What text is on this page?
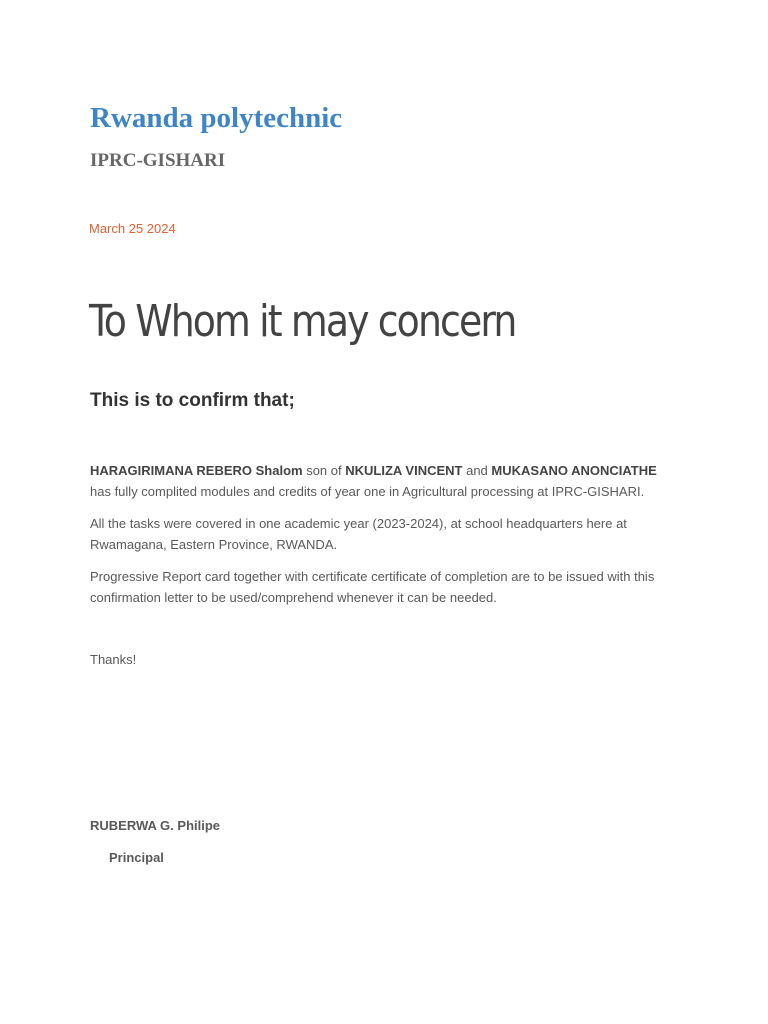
Rwanda polytechnic
IPRC-GISHARI
March 25 2024
To Whom it may concern
This is to confirm that;

HARAGIRIMANA REBERO Shalom son of NKULIZA VINCENT and MUKASANO ANONCIATHE has fully complited modules and credits of year one in Agricultural processing at IPRC-GISHARI.

All the tasks were covered in one academic year (2023-2024), at school headquarters here at Rwamagana, Eastern Province, RWANDA.

Progressive Report card together with certificate certificate of completion are to be issued with this confirmation letter to be used/comprehend whenever it can be needed.

Thanks!
RUBERWA G. Philipe
Principal
